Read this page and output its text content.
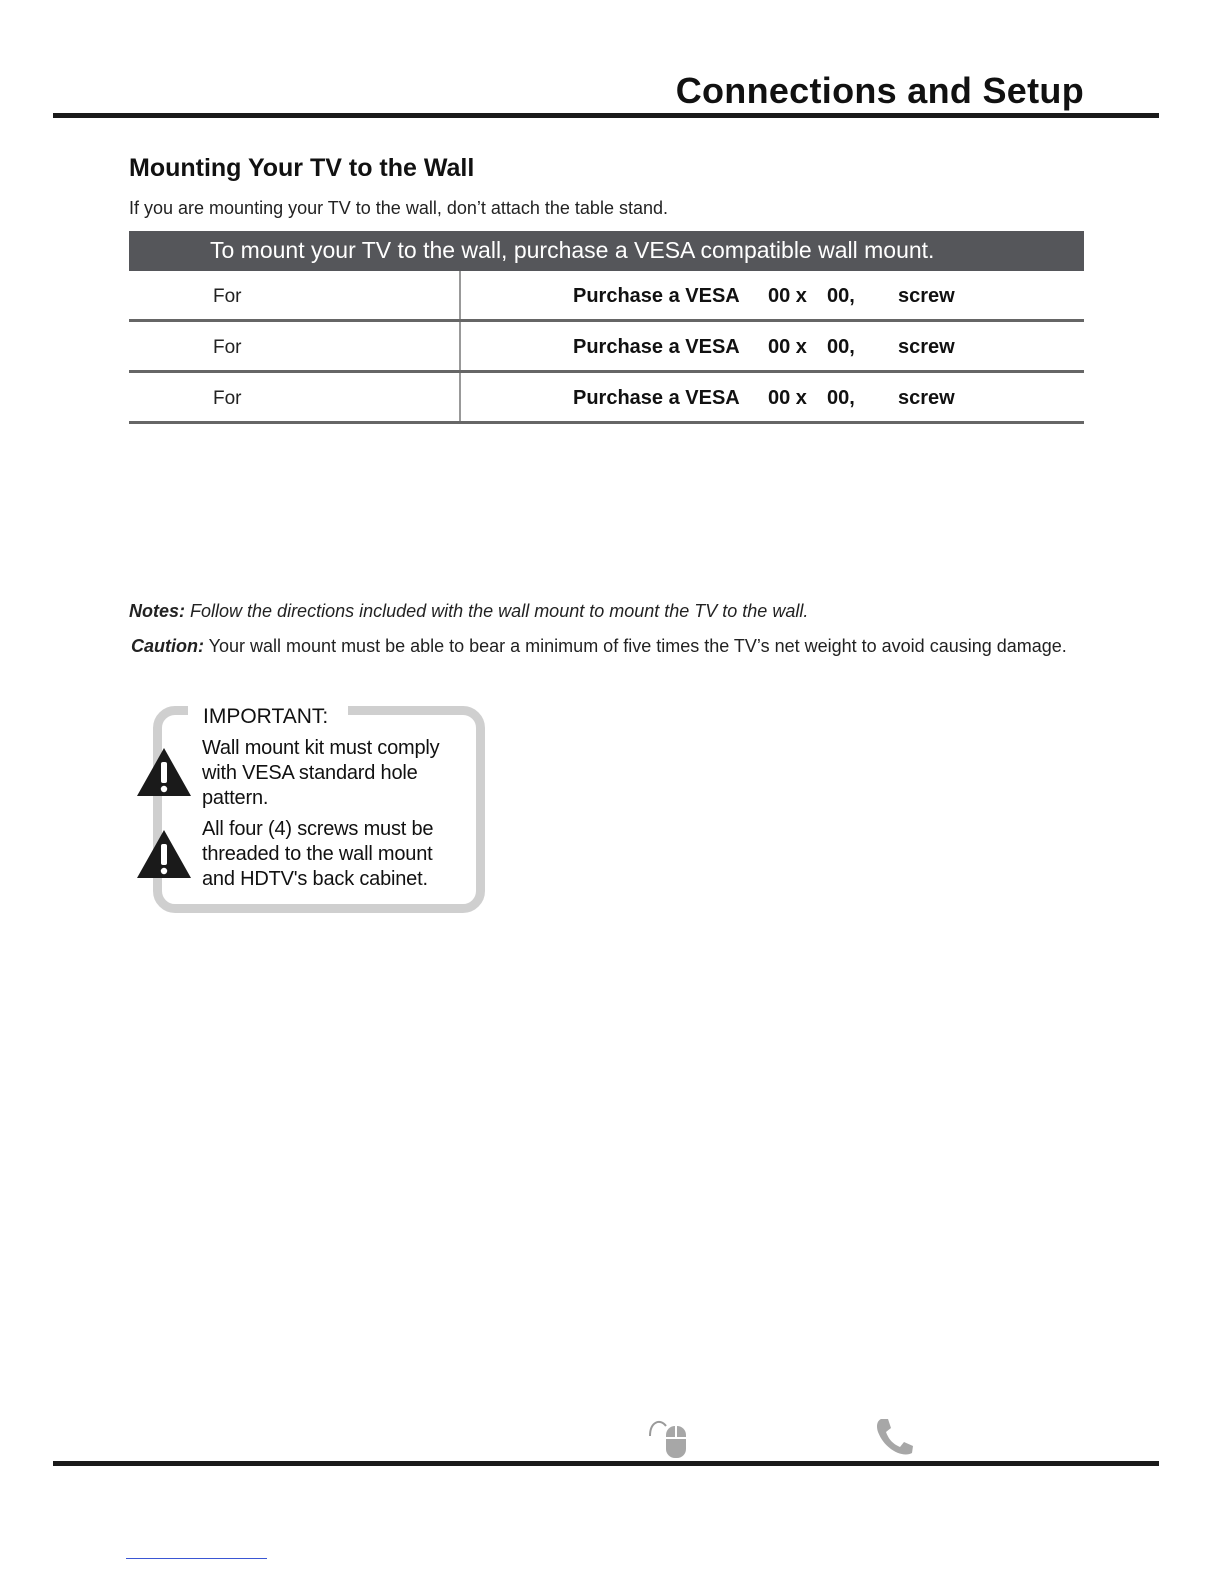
Connections and Setup
Mounting Your TV to the Wall
If you are mounting your TV to the wall, don’t attach the table stand.
To mount your TV to the wall, purchase a VESA compatible wall mount.
For	Purchase a VESA	00 x	00,	screw
For	Purchase a VESA	00 x	00,	screw
For	Purchase a VESA	00 x	00,	screw
Notes: Follow the directions included with the wall mount to mount the TV to the wall.
Caution: Your wall mount must be able to bear a minimum of five times the TV’s net weight to avoid causing damage.
IMPORTANT:
Wall mount kit must comply with VESA standard hole pattern.
All four (4) screws must be threaded to the wall mount and HDTV's back cabinet.
